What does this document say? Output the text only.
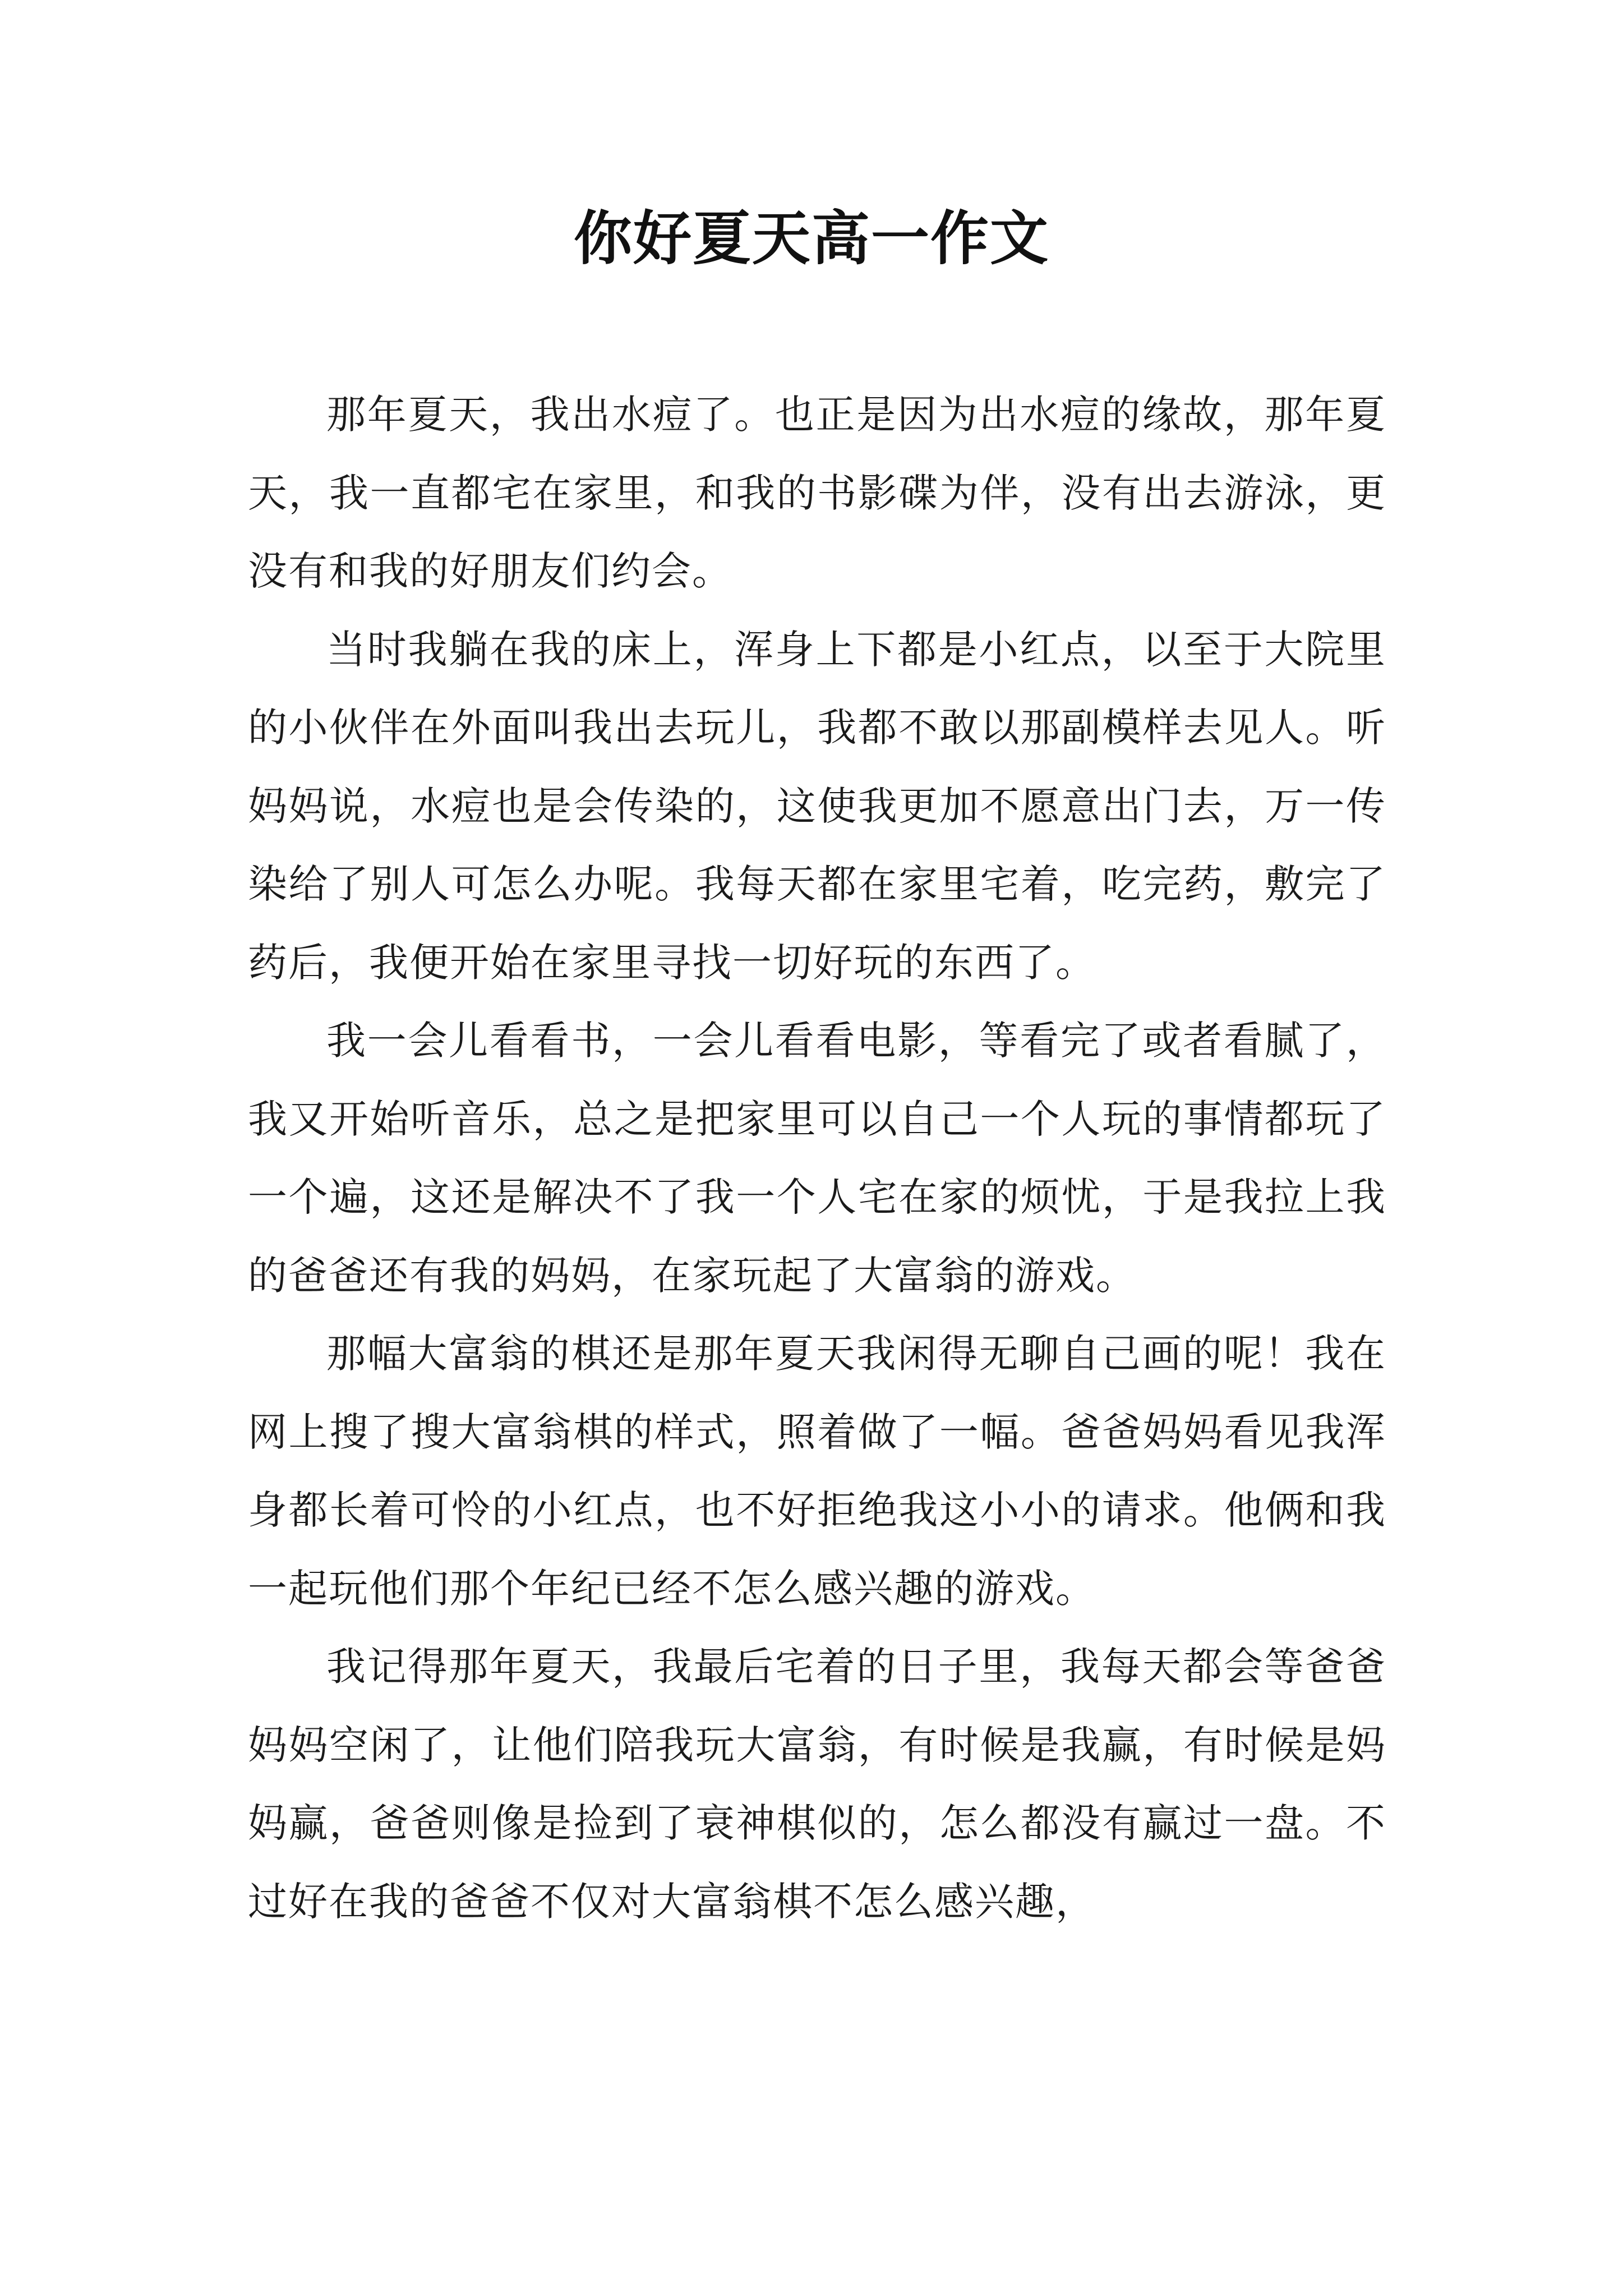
你好夏天高一作文

那年夏天，我出水痘了。也正是因为出水痘的缘故，那年夏天，我一直都宅在家里，和我的书影碟为伴，没有出去游泳，更没有和我的好朋友们约会。

当时我躺在我的床上，浑身上下都是小红点，以至于大院里的小伙伴在外面叫我出去玩儿，我都不敢以那副模样去见人。听妈妈说，水痘也是会传染的，这使我更加不愿意出门去，万一传染给了别人可怎么办呢。我每天都在家里宅着，吃完药，敷完了药后，我便开始在家里寻找一切好玩的东西了。

我一会儿看看书，一会儿看看电影，等看完了或者看腻了，我又开始听音乐，总之是把家里可以自己一个人玩的事情都玩了一个遍，这还是解决不了我一个人宅在家的烦忧，于是我拉上我的爸爸还有我的妈妈，在家玩起了大富翁的游戏。

那幅大富翁的棋还是那年夏天我闲得无聊自己画的呢！我在网上搜了搜大富翁棋的样式，照着做了一幅。爸爸妈妈看见我浑身都长着可怜的小红点，也不好拒绝我这小小的请求。他俩和我一起玩他们那个年纪已经不怎么感兴趣的游戏。

我记得那年夏天，我最后宅着的日子里，我每天都会等爸爸妈妈空闲了，让他们陪我玩大富翁，有时候是我赢，有时候是妈妈赢，爸爸则像是捡到了衰神棋似的，怎么都没有赢过一盘。不过好在我的爸爸不仅对大富翁棋不怎么感兴趣，
